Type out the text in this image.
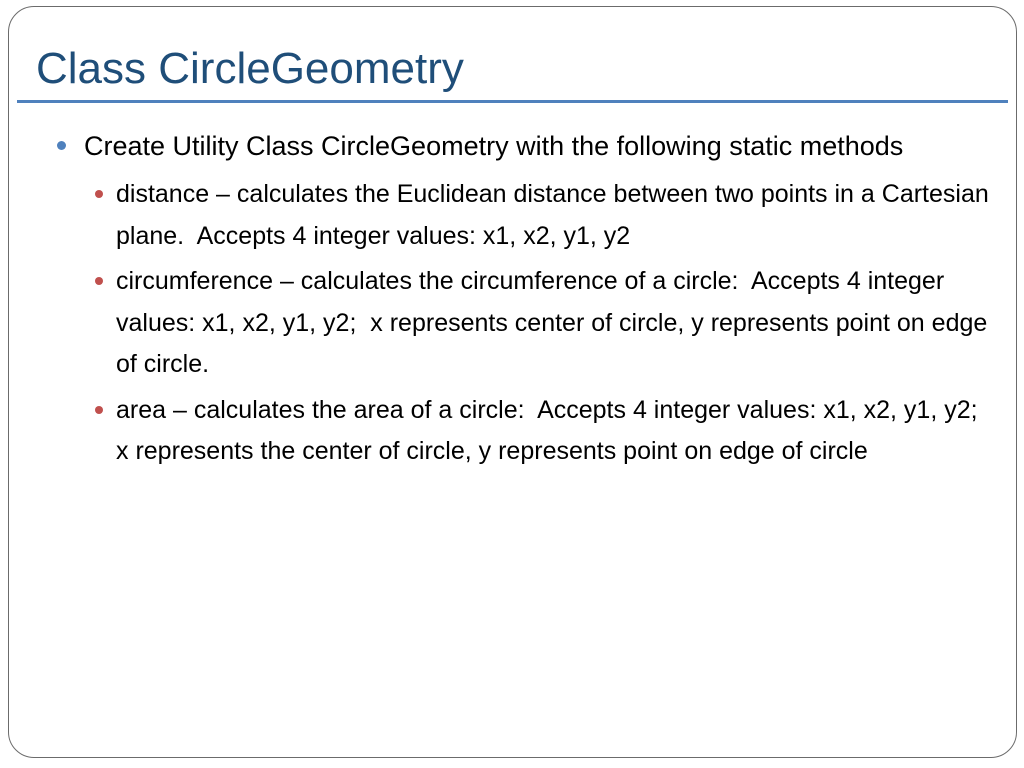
Class CircleGeometry
Create Utility Class CircleGeometry with the following static methods
distance – calculates the Euclidean distance between two points in a Cartesian plane.  Accepts 4 integer values: x1, x2, y1, y2
circumference – calculates the circumference of a circle:  Accepts 4 integer values: x1, x2, y1, y2;  x represents center of circle, y represents point on edge of circle.
area – calculates the area of a circle:  Accepts 4 integer values: x1, x2, y1, y2; x represents the center of circle, y represents point on edge of circle
